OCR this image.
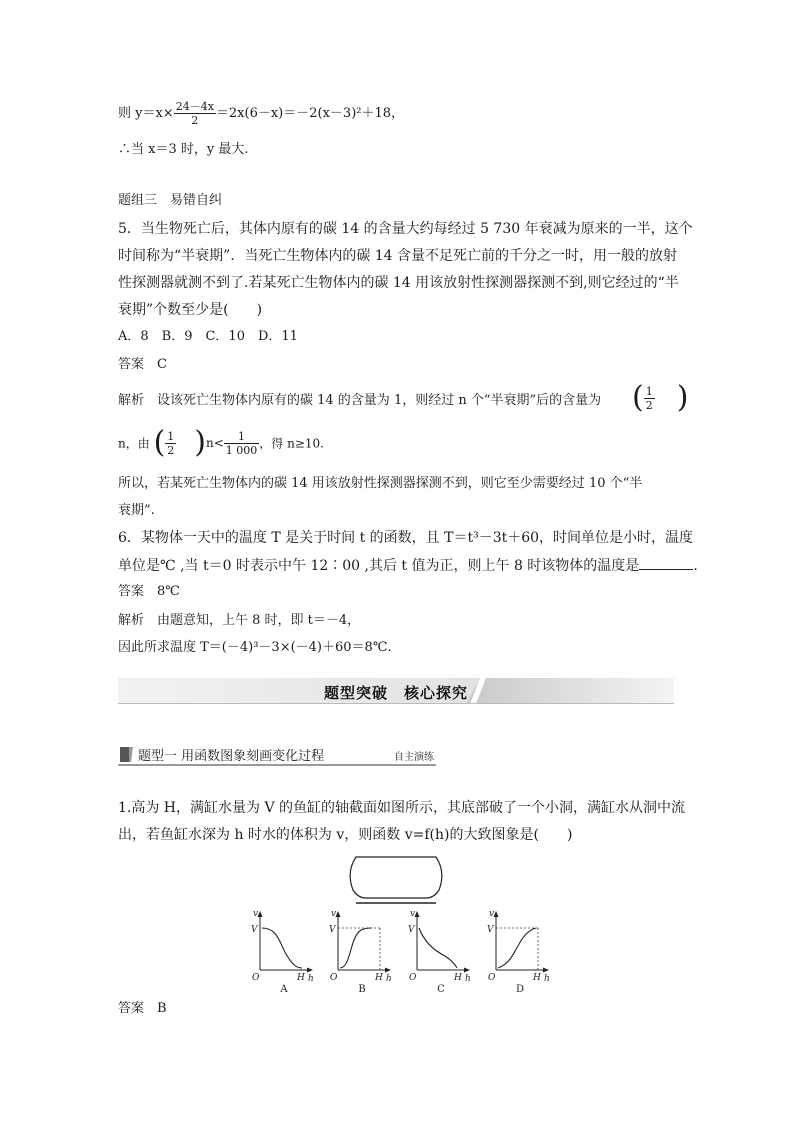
则 $y=x\times \frac{24-4x}{2} =2x(6-x)=-2(x-3)^2+18$，
∴当 x＝3 时，y 最大.
题组三　易错自纠
5．当生物死亡后，其体内原有的碳 14 的含量大约每经过 5 730 年衰减为原来的一半，这个
时间称为“半衰期”．当死亡生物体内的碳 14 含量不足死亡前的千分之一时，用一般的放射
性探测器就测不到了.若某死亡生物体内的碳 14 用该放射性探测器探测不到,则它经过的“半
衰期”个数至少是(　　)
A．8　B．9　C．10　D．11
答案　C
解析　设该死亡生物体内原有的碳 14 的含量为 1，则经过 n 个“半衰期”后的含量为 ( $\frac{1}{2}$ )
n，由 ( $\frac{1}{2} )n< \frac{1}{1 000}$ ，得 n≥10.
所以，若某死亡生物体内的碳 14 用该放射性探测器探测不到，则它至少需要经过 10 个“半
衰期”.
6．某物体一天中的温度 T 是关于时间 t 的函数，且 T＝t³－3t＋60，时间单位是小时，温度
单位是℃ ,当 t＝0 时表示中午 12∶00 ,其后 t 值为正，则上午 8 时该物体的温度是	.
答案　8℃
解析　由题意知，上午 8 时，即 t＝－4，
因此所求温度 T＝(－4)³－3×(－4)＋60＝8℃.
题型突破　核心探究
题型一 用函数图象刻画变化过程	自主演练
1.高为 H，满缸水量为 V 的鱼缸的轴截面如图所示，其底部破了一个小洞，满缸水从洞中流
出，若鱼缸水深为 h 时水的体积为 v，则函数 v=f(h)的大致图象是(　　)
v
V
O	H h
A
v
V
O	H h
B
v
V
O	H h
C
v
V
O	H h
D
答案　B
